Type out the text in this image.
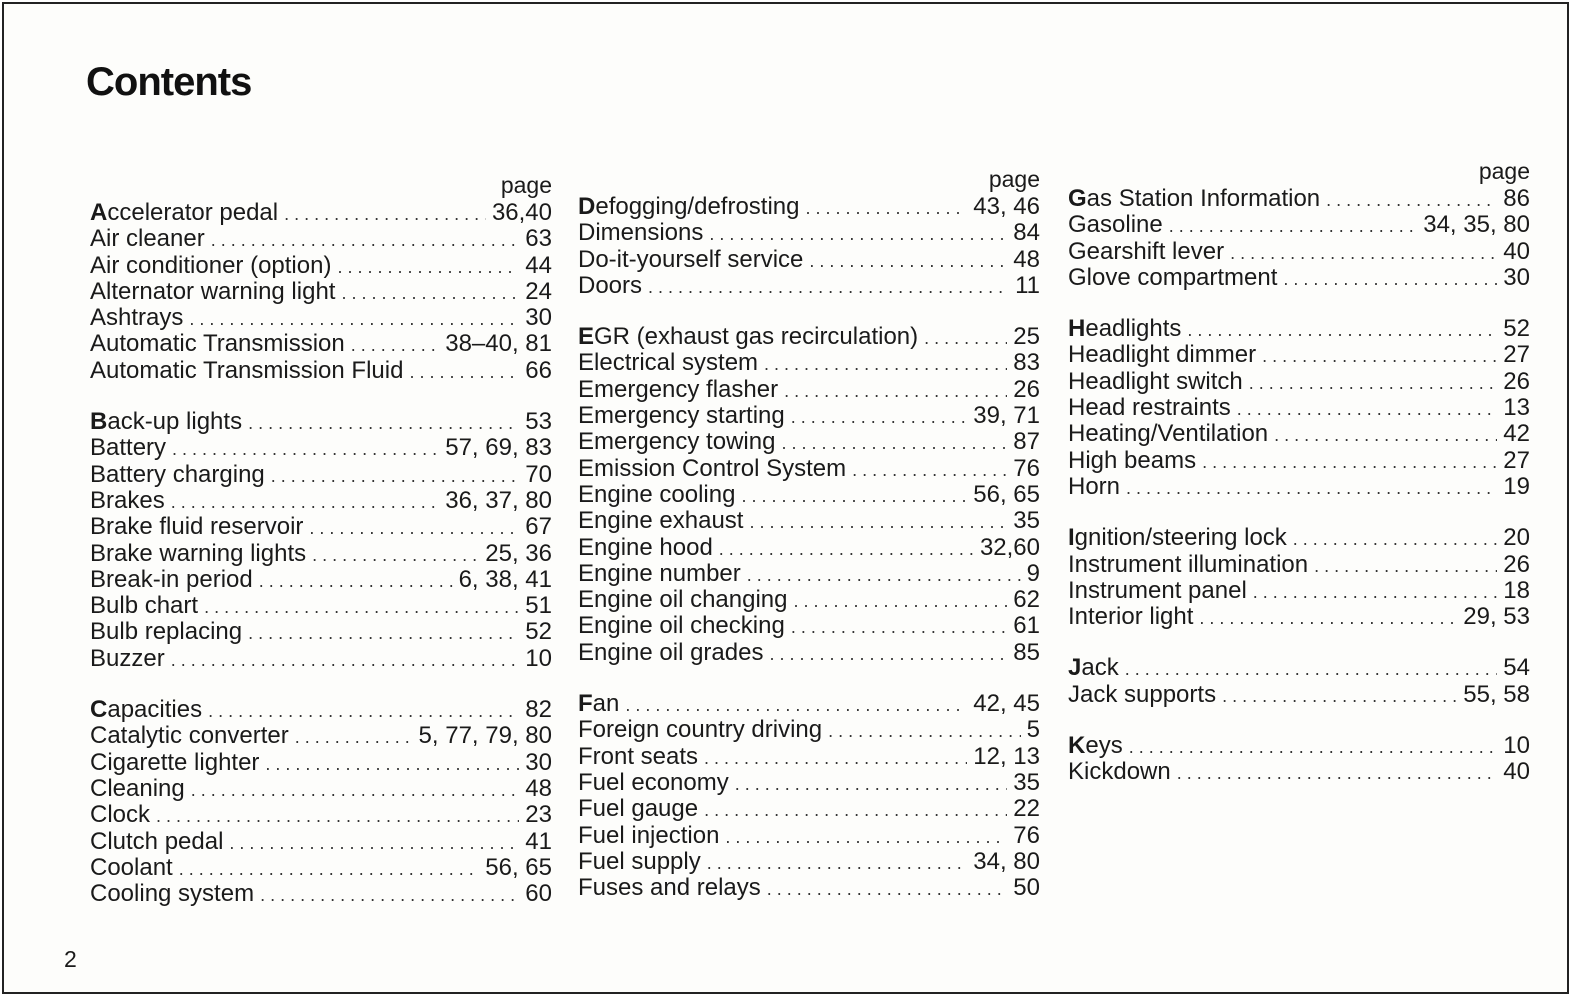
Contents
page
Accelerator pedal . . .	36,40
Air cleaner . . .	63
Air conditioner (option) . . .	44
Alternator warning light . . .	24
Ashtrays . . .	30
Automatic Transmission . . .	38–40, 81
Automatic Transmission Fluid . . .	66
Back-up lights . . .	53
Battery . . .	57, 69, 83
Battery charging . . .	70
Brakes . . .	36, 37, 80
Brake fluid reservoir . . .	67
Brake warning lights . . .	25, 36
Break-in period . . .	6, 38, 41
Bulb chart . . .	51
Bulb replacing . . .	52
Buzzer . . .	10
Capacities . . .	82
Catalytic converter . . .	5, 77, 79, 80
Cigarette lighter . . .	30
Cleaning . . .	48
Clock . . .	23
Clutch pedal . . .	41
Coolant . . .	56, 65
Cooling system . . .	60
page
Defogging/defrosting . . .	43, 46
Dimensions . . .	84
Do-it-yourself service . . .	48
Doors . . .	11
EGR (exhaust gas recirculation) . . .	25
Electrical system . . .	83
Emergency flasher . . .	26
Emergency starting . . .	39, 71
Emergency towing . . .	87
Emission Control System . . .	76
Engine cooling . . .	56, 65
Engine exhaust . . .	35
Engine hood . . .	32,60
Engine number . . .	9
Engine oil changing . . .	62
Engine oil checking . . .	61
Engine oil grades . . .	85
Fan . . .	42, 45
Foreign country driving . . .	5
Front seats . . .	12, 13
Fuel economy . . .	35
Fuel gauge . . .	22
Fuel injection . . .	76
Fuel supply . . .	34, 80
Fuses and relays . . .	50
page
Gas Station Information . . .	86
Gasoline . . .	34, 35, 80
Gearshift lever . . .	40
Glove compartment . . .	30
Headlights . . .	52
Headlight dimmer . . .	27
Headlight switch . . .	26
Head restraints . . .	13
Heating/Ventilation . . .	42
High beams . . .	27
Horn . . .	19
Ignition/steering lock . . .	20
Instrument illumination . . .	26
Instrument panel . . .	18
Interior light . . .	29, 53
Jack . . .	54
Jack supports . . .	55, 58
Keys . . .	10
Kickdown . . .	40
2
